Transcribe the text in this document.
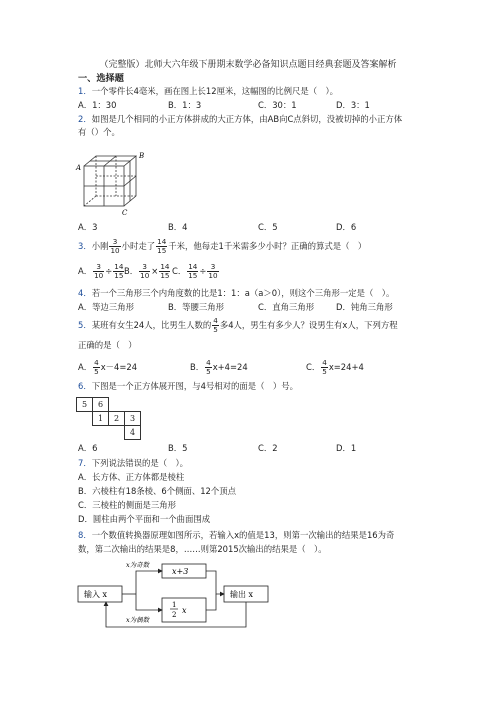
（完整版）北师大六年级下册期末数学必备知识点题目经典套题及答案解析
一、选择题
1．一个零件长4毫米，画在图上长12厘米，这幅图的比例尺是（　）。
A．1：30	B．1：3	C．30：1	D．3：1
2．如图是几个相同的小正方体拼成的大正方体，由AB向C点斜切，没被切掉的小正方体
有（）个。
A
B
C
A．3	B．4	C．5	D．6
3．小刚 $\frac{3}{10}$ 小时走了 $\frac{14}{15}$ 千米，他每走1千米需多少小时？正确的算式是（　）
A． $\frac{3}{10} \div \frac{14}{15}$ B． $\frac{3}{10} \times \frac{14}{15}$ C． $\frac{14}{15} \div \frac{3}{10}$
4．若一个三角形三个内角度数的比是1：1：a（a＞0），则这个三角形一定是（　）。
A．等边三角形	B．等腰三角形	C．直角三角形	D．钝角三角形
5．某班有女生24人，比男生人数的 $\frac{4}{5}$ 多4人，男生有多少人？设男生有x人，下列方程
正确的是（　）
A． $\frac{4}{5} x-4=24$	B． $\frac{4}{5} x+4=24$	C． $\frac{4}{5} x=24+4$
6．下图是一个正方体展开图，与4号相对的面是（　）号。
5	6		
	1	2	3
			4
A．6	B．5	C．2	D．1
7．下列说法错误的是（　）。
A．长方体、正方体都是棱柱
B．六棱柱有18条棱、6个侧面、12个顶点
C．三棱柱的侧面是三角形
D．圆柱由两个平面和一个曲面围成
8．一个数值转换器原理如图所示，若输入x的值是13，则第一次输出的结果是16为奇
数，第二次输出的结果是8，……则第2015次输出的结果是（　）。
输入 x	输出 x
x为奇数
x为偶数
x+3
1
2 x
